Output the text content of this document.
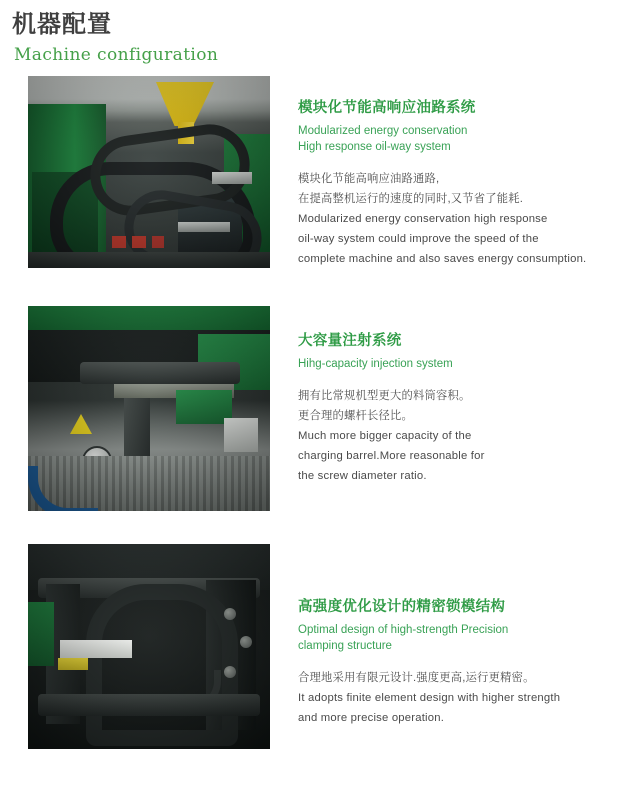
机器配置
Machine configuration
模块化节能高响应油路系统
Modularized energy conservation
High response oil-way system

模块化节能高响应油路通路,

在提高整机运行的速度的同时,又节省了能耗.

Modularized energy conservation high response

oil-way system could improve the speed of the

complete machine and also saves energy consumption.

大容量注射系统
Hihg-capacity injection system

拥有比常规机型更大的料筒容积。

更合理的螺杆长径比。

Much more bigger capacity of the

charging barrel.More reasonable for

the screw diameter ratio.

高强度优化设计的精密锁模结构
Optimal design of high-strength Precision
clamping structure

合理地采用有限元设计.强度更高,运行更精密。

It adopts finite element design with higher strength

and more precise operation.
